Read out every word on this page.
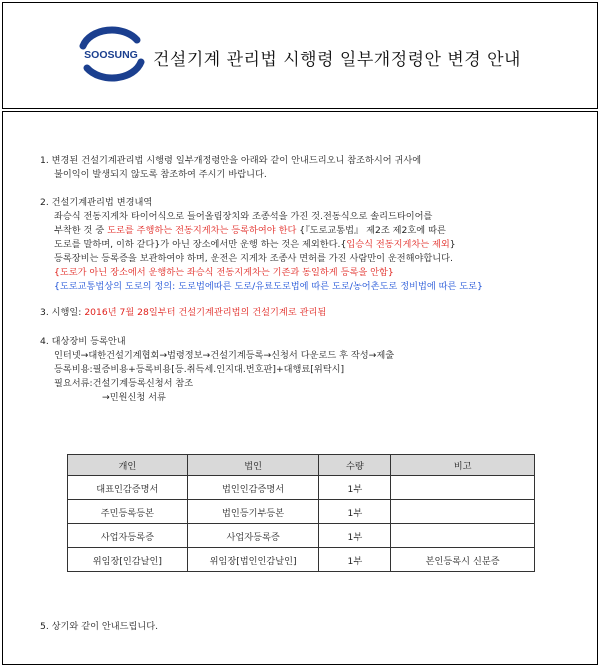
SOOSUNG 건설기계 관리법 시행령 일부개정령안 변경 안내

1. 변경된 건설기계관리법 시행령 일부개정령안을 아래와 같이 안내드리오니 참조하시어 귀사에

불이익이 발생되지 않도록 참조하여 주시기 바랍니다.

2. 건설기계관리법 변경내역

좌승식 전동지게차 타이어식으로 들어올림장치와 조종석을 가진 것.전동식으로 솔리드타이어를

부착한 것 중 도로를 주행하는 전동지게차는 등록하여야 한다 {『도로교통법』 제2조 제2호에 따른

도로를 말하며, 이하 같다}가 아닌 장소에서만 운행 하는 것은 제외한다.{입승식 전동지게차는 제외}

등록장비는 등록증을 보관하여야 하며, 운전은 지게차 조종사 면허를 가진 사람만이 운전해야합니다.

{도로가 아닌 장소에서 운행하는 좌승식 전동지게차는 기존과 동일하게 등록을 안함}

{도로교통법상의 도로의 정의: 도로법에따른 도로/유료도로법에 따른 도로/농어촌도로 정비법에 따른 도로}

3. 시행일: 2016년 7월 28일부터 건설기계관리법의 건설기계로 관리됨

4. 대상장비 등록안내

인터넷→대한건설기계협회→법령정보→건설기계등록→신청서 다운로드 후 작성→제출

등록비용:필증비용+등록비용[등.취득세.인지대.번호판]+대행료[위탁시]

필요서류:건설기계등록신청서 참조

→민원신청 서류

개인	법인	수량	비고
대표인감증명서	법인인감증명서	1부	
주민등록등본	법인등기부등본	1부	
사업자등록증	사업자등록증	1부	
위임장[인감날인]	위임장[법인인감날인]	1부	본인등록시 신분증

5. 상기와 같이 안내드립니다.
